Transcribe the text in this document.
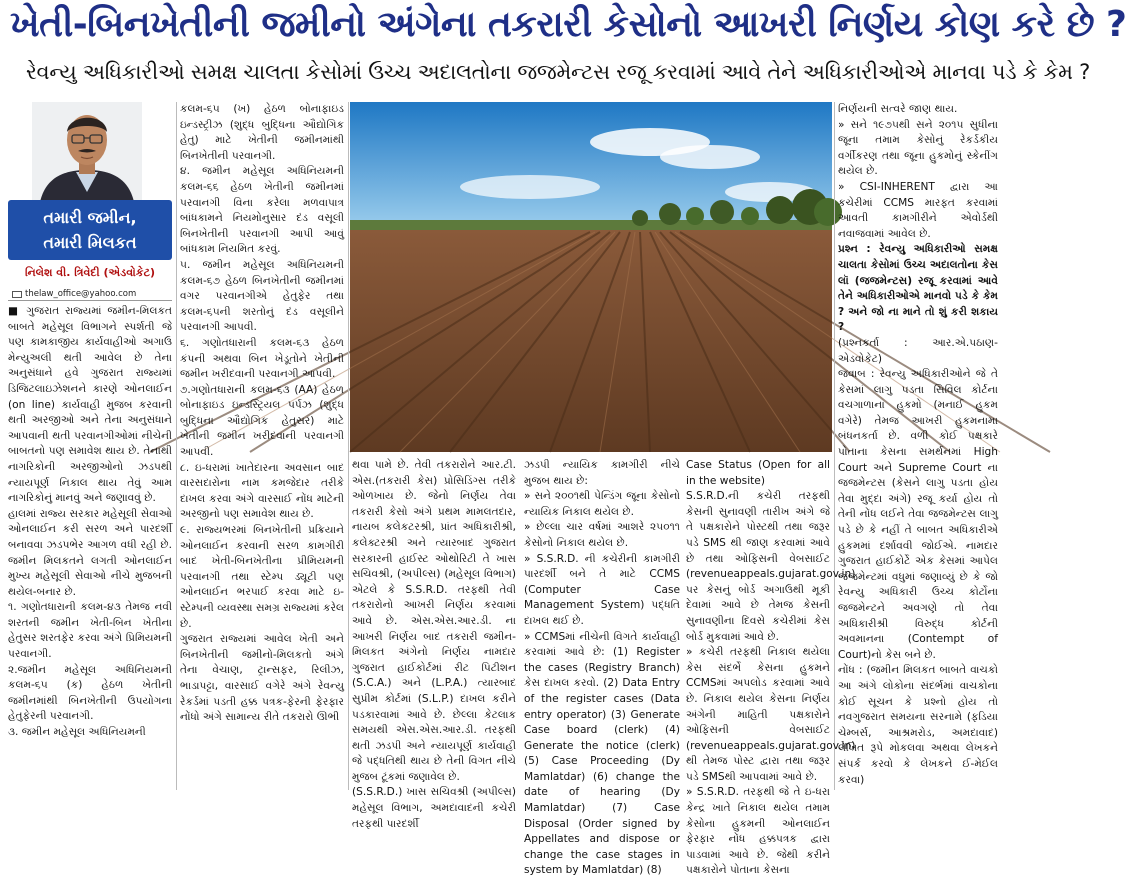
ખેતી-બિનખેતીની જમીનો અંગેના તકરારી કેસોનો આખરી નિર્ણય કોણ કરે છે ?
રેવન્યુ અધિકારીઓ સમક્ષ ચાલતા કેસોમાં ઉચ્ચ અદાલતોના જજમેન્ટસ રજૂ કરવામાં આવે તેને અધિકારીઓએ માનવા પડે કે કેમ ?
તમારી જમીન,
તમારી મિલકત
નિલેશ વી. ત્રિવેદી (એડવોકેટ)
thelaw_office@yahoo.com

■ ગુજરાત રાજ્યમાં જમીન-મિલકત બાબતે મહેસૂલ વિભાગને સ્પર્શતી જે પણ કામકાજીય કાર્યવાહીઓ અગાઉ મેન્યુઅલી થતી આવેલ છે તેના અનુસંધાને હવે ગુજરાત રાજ્યમાં ડિજિટલાઇઝેશનને કારણે ઓનલાઈન (on line) કાર્યવાહી મુજબ કરવાની થતી અરજીઓ અને તેના અનુસંધાને આપવાની થતી પરવાનગીઓમાં નીચેની બાબતનો પણ સમાવેશ થાય છે. તેનાથી નાગરિકોની અરજીઓનો ઝડપથી ન્યાયપૂર્ણ નિકાલ થાય તેવું આમ નાગરિકોનું માનવું અને જણાવવું છે.

હાલમાં રાજ્ય સરકાર મહેસૂલી સેવાઓ ઓનલાઈન કરી સરળ અને પારદર્શી બનાવવા ઝડપભેર આગળ વધી રહી છે. જમીન મિલકતને લગતી ઓનલાઈન મુખ્ય મહેસૂલી સેવાઓ નીચે મુજબની થયેલ-બનાર છે.

૧. ગણોતધારાની કલમ-૪૩ તેમજ નવી શરતની જમીન ખેતી-બિન ખેતીના હેતુસર શરતફેર કરવા અંગે પ્રિમિયમની પરવાનગી.

૨.જમીન મહેસૂલ અધિનિયમની કલમ-૬૫ (ક) હેઠળ ખેતીની જમીનમાંથી બિનખેતીની ઉપયોગના હેતુફેરની પરવાનગી.

૩. જમીન મહેસૂલ અધિનિયમની

કલમ-૬૫ (ખ) હેઠળ બોનાફાઇડ ઇન્ડસ્ટ્રીઝ (શુદ્ધ બુદ્ધિના ઔદ્યોગિક હેતુ) માટે ખેતીની જમીનમાંથી બિનખેતીની પરવાનગી.

૪. જમીન મહેસૂલ અધિનિયમની કલમ-૬૬ હેઠળ ખેતીની જમીનમાં પરવાનગી વિના કરેલા મળવાપાત્ર બાંધકામને નિયમોનુસાર દંડ વસૂલી બિનખેતીની પરવાનગી આપી આવું બાંધકામ નિયમિત કરવું.

૫. જમીન મહેસૂલ અધિનિયમની કલમ-૬૭ હેઠળ બિનખેતીની જમીનમાં વગર પરવાનગીએ હેતુફેર તથા કલમ-૬૫ની શરતોનું દંડ વસૂલીને પરવાનગી આપવી.

૬. ગણોતધારાની કલમ-૬૩ હેઠળ કંપની અથવા બિન ખેડૂતોને ખેતીની જમીન ખરીદવાની પરવાનગી આપવી.

૭.ગણોતધારાની કલમ-૬૩ (AA) હેઠળ બોનાફાઇડ ઇન્ડસ્ટ્રિયલ પર્પઝ (શુદ્ધ બુદ્ધિના ઔદ્યોગિક હેતુસર) માટે ખેતીની જમીન ખરીદવાની પરવાનગી આપવી.

૮. ઇ-ધરામાં ખાતેદારના અવસાન બાદ વારસદારોના નામ કમજેદાર તરીકે દાખલ કરવા અંગે વારસાઈ નોંધ માટેની અરજીનો પણ સમાવેશ થાય છે.

૯. રાજ્યભરમાં બિનખેતીની પ્રક્રિયાને ઓનલાઈન કરવાની સરળ કામગીરી બાદ ખેતી-બિનખેતીના પ્રીમિયમની પરવાનગી તથા સ્ટેમ્પ ડ્યૂટી પણ ઓનલાઈન ભરપાઈ કરવા માટે ઇ-સ્ટેમ્પની વ્યવસ્થા સમગ્ર રાજ્યમાં કરેલ છે.

ગુજરાત રાજ્યમાં આવેલ ખેતી અને બિનખેતીની જમીનો-મિલકતો અંગે તેના વેચાણ, ટ્રાન્સફર, રિલીઝ, ભાડાપટ્ટા, વારસાઈ વગેરે અંગે રેવન્યુ રેકર્ડમાં પડતી હક્ક પત્રક-ફેરની ફેરફાર નોંધો અંગે સામાન્ય રીતે તકરારો ઊભી

થવા પામે છે. તેવી તકરારોને આર.ટી. એસ.(તકરારી કેસ) પ્રોસિડિંગ્સ તરીકે ઓળખાય છે. જેનો નિર્ણય તેવા તકરારી કેસો અંગે પ્રથમ મામલતદાર, નાયબ કલેકટરશ્રી, પ્રાંત અધિકારીશ્રી, કલેક્ટરશ્રી અને ત્યારબાદ ગુજરાત સરકારની હાઈસ્ટ ઓથોરિટી તે ખાસ સચિવશ્રી, (અપીલ્સ) (મહેસૂલ વિભાગ) એટલે કે S.S.R.D. તરફથી તેવી તકરારોનો આખરી નિર્ણય કરવામાં આવે છે. એસ.એસ.આર.ડી. ના આખરી નિર્ણય બાદ તકરારી જમીન-મિલકત અંગેનો નિર્ણય નામદાર ગુજરાત હાઈકોર્ટમાં રીટ પિટીશન (S.C.A.) અને (L.P.A.) ત્યારબાદ સુપ્રીમ કોર્ટમાં (S.L.P.) દાખલ કરીને પડકારવામાં આવે છે. છેલ્લા કેટલાક સમયથી એસ.એસ.આર.ડી. તરફથી થતી ઝડપી અને ન્યાયપૂર્ણ કાર્યવાહી જે પદ્ધતિથી થાય છે તેની વિગત નીચે મુજબ ટૂંકમાં જણાવેલ છે.

(S.S.R.D.) ખાસ સચિવશ્રી (અપીલ્સ) મહેસૂલ વિભાગ, અમદાવાદની કચેરી તરફથી પારદર્શી

ઝડપી ન્યાયિક કામગીરી નીચે મુજબ થાય છે:

» સને ૨૦૦૧થી પેન્ડિંગ જૂના કેસોનો ન્યાયિક નિકાલ થયેલ છે.

» છેલ્લા ચાર વર્ષમાં આશરે ૨૫૦૧૧ કેસોનો નિકાલ થયેલ છે.

» S.S.R.D. ની કચેરીની કામગીરી પારદર્શી બને તે માટે CCMS (Computer Case Management System) પદ્ધતિ દાખલ થઈ છે.

» CCMSમાં નીચેની વિગતે કાર્યવાહી કરવામાં આવે છે: (1) Register the cases (Registry Branch) કેસ દાખલ કરવો. (2) Data Entry of the register cases (Data entry operator) (3) Generate Case board (clerk) (4) Generate the notice (clerk) (5) Case Proceeding (Dy Mamlatdar) (6) change the date of hearing (Dy Mamlatdar) (7) Case Disposal (Order signed by Appellates and dispose or change the case stages in system by Mamlatdar) (8)

Case Status (Open for all in the website)

S.S.R.D.ની કચેરી તરફથી કેસની સુનાવણી તારીખ અંગે જે તે પક્ષકારોને પોસ્ટથી તથા જરૂર પડે SMS થી જાણ કરવામાં આવે છે તથા ઓફિસની વેબસાઈટ (revenueappeals.gujarat.gov.in) પર કેસનું બોર્ડ અગાઉથી મૂકી દેવામાં આવે છે તેમજ કેસની સુનાવણીના દિવસે કચેરીમાં કેસ બોર્ડ મુકવામાં આવે છે.

» કચેરી તરફથી નિકાલ થયેલા કેસ સંદર્ભે કેસના હુકમને CCMSમાં અપલોડ કરવામાં આવે છે. નિકાલ થયેલ કેસના નિર્ણય અંગેની માહિતી પક્ષકારોને ઓફિસની વેબસાઈટ (revenueappeals.gujarat.gov.in) થી તેમજ પોસ્ટ દ્વારા તથા જરૂર પડે SMSથી આપવામાં આવે છે.

» S.S.R.D. તરફથી જે તે ઇ-ધરા કેન્દ્ર ખાતે નિકાલ થયેલ તમામ કેસોના હુકમની ઓનલાઈન ફેરફાર નોંધ હક્કપત્રક દ્વારા પાડવામાં આવે છે. જેથી કરીને પક્ષકારોને પોતાના કેસના

નિર્ણયની સત્વરે જાણ થાય.

» સને ૧૯૭૫થી સને ૨૦૧૫ સુધીના જૂના તમામ કેસોનું રેકર્ડકીય વર્ગીકરણ તથા જૂના હુકમોનું સ્કેનીંગ થયેલ છે.

» CSI-INHERENT દ્વારા આ કચેરીમાં CCMS મારફત કરવામાં આવતી કામગીરીને એવોર્ડથી નવાજવામાં આવેલ છે.

પ્રશ્ન : રેવન્યુ અધિકારીઓ સમક્ષ ચાલતા કેસોમાં ઉચ્ચ અદાલતોના કેસ લૉ (જજમેન્ટસ) રજૂ કરવામાં આવે તેને અધિકારીઓએ માનવો પડે કે કેમ ? અને જો ના માને તો શું કરી શકાય ?

(પ્રશ્નકર્તા : આર.એ.પઠાણ-એડવોકેટ)

જવાબ : રેવન્યુ અધિકારીઓને જે તે કેસમાં લાગુ પડતા સિવિલ કોર્ટના વચગાળાના હુકમો (મનાઈ હુકમ વગેરે) તેમજ આખરી હુકમનામા બંધનકર્તા છે. વળી કોઈ પક્ષકારે પોતાના કેસના સમર્થનમાં High Court અને Supreme Court ના જજમેન્ટસ (કેસને લાગુ પડતા હોય તેવા મુદ્દા અંગે) રજૂ કર્યા હોય તો તેની નોંધ લઈને તેવા જજમેન્ટસ લાગુ પડે છે કે નહીં તે બાબત અધિકારીએ હુકમમાં દર્શાવવી જોઈએ. નામદાર ગુજરાત હાઈકોર્ટે એક કેસમાં આપેલ જજમેન્ટમાં વધુમાં જણાવ્યું છે કે જો રેવન્યુ અધિકારી ઉચ્ચ કોર્ટોના જજમેન્ટને અવગણે તો તેવા અધિકારીશ્રી વિરુદ્ધ કોર્ટની અવમાનના (Contempt of Court)નો કેસ બને છે.

નોંધ : (જમીન મિલકત બાબતે વાચકો આ અંગે લોકોના સંદર્ભમાં વાચકોના કોઈ સૂચન કે પ્રશ્નો હોય તો નવગુજરાત સમયના સરનામે (ફડિયા ચેમ્બર્સ, આશ્રમરોડ, અમદાવાદ) લેખિત રૂપે મોકલવા અથવા લેખકને સંપર્ક કરવો કે લેખકને ઈ-મેઈલ કરવા)
